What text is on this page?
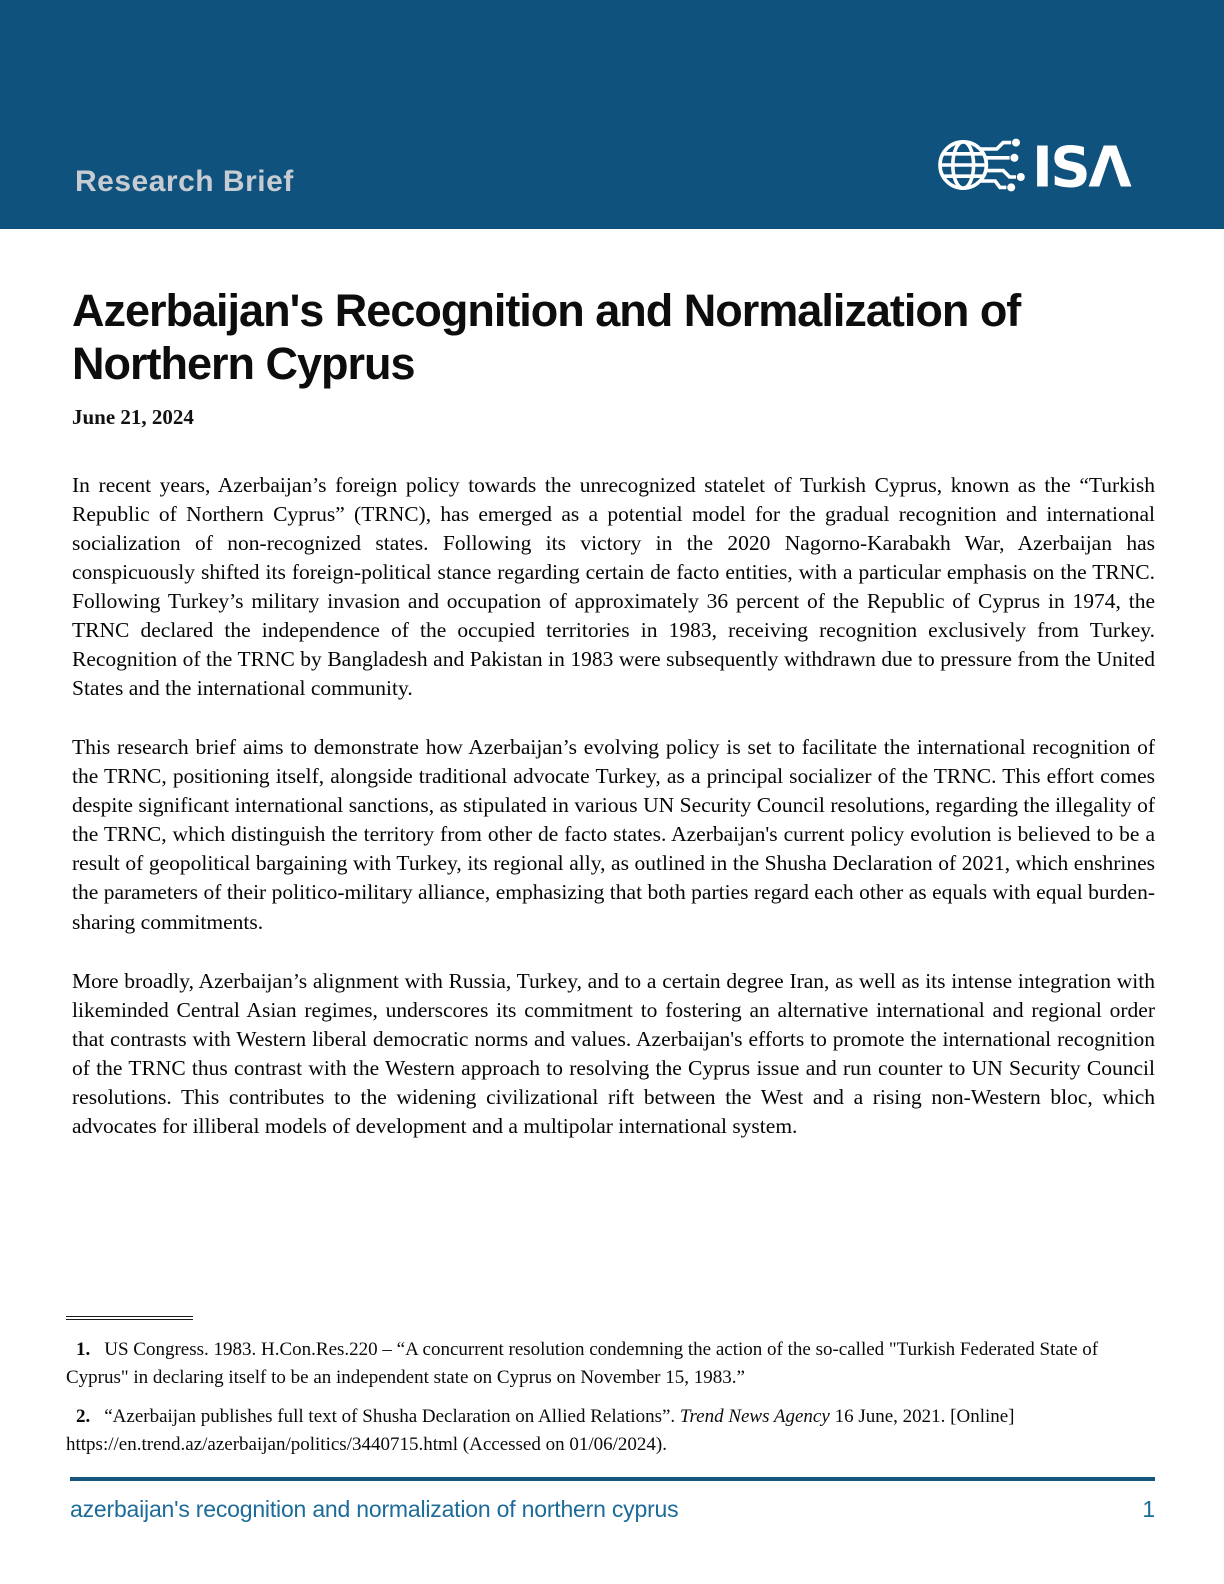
Research Brief	ISΛ
Azerbaijan's Recognition and Normalization of Northern Cyprus
June 21, 2024

In recent years, Azerbaijan’s foreign policy towards the unrecognized statelet of Turkish Cyprus, known as the “Turkish Republic of Northern Cyprus” (TRNC), has emerged as a potential model for the gradual recognition and international socialization of non-recognized states. Following its victory in the 2020 Nagorno-Karabakh War, Azerbaijan has conspicuously shifted its foreign-political stance regarding certain de facto entities, with a particular emphasis on the TRNC. Following Turkey’s military invasion and occupation of approximately 36 percent of the Republic of Cyprus in 1974, the TRNC declared the independence of the occupied territories in 1983, receiving recognition exclusively from Turkey. Recognition of the TRNC by Bangladesh and Pakistan in 1983 were subsequently withdrawn due to pressure from the United States and the international community.

This research brief aims to demonstrate how Azerbaijan’s evolving policy is set to facilitate the international recognition of the TRNC, positioning itself, alongside traditional advocate Turkey, as a principal socializer of the TRNC. This effort comes despite significant international sanctions, as stipulated in various UN Security Council resolutions, regarding the illegality of the TRNC, which distinguish the territory from other de facto states. Azerbaijan's current policy evolution is believed to be a result of geopolitical bargaining with Turkey, its regional ally, as outlined in the Shusha Declaration of 2021, which enshrines the parameters of their politico-military alliance, emphasizing that both parties regard each other as equals with equal burden-sharing commitments.

More broadly, Azerbaijan’s alignment with Russia, Turkey, and to a certain degree Iran, as well as its intense integration with likeminded Central Asian regimes, underscores its commitment to fostering an alternative international and regional order that contrasts with Western liberal democratic norms and values. Azerbaijan's efforts to promote the international recognition of the TRNC thus contrast with the Western approach to resolving the Cyprus issue and run counter to UN Security Council resolutions. This contributes to the widening civilizational rift between the West and a rising non-Western bloc, which advocates for illiberal models of development and a multipolar international system.

1. US Congress. 1983. H.Con.Res.220 – “A concurrent resolution condemning the action of the so-called "Turkish Federated State of Cyprus" in declaring itself to be an independent state on Cyprus on November 15, 1983.”
2. “Azerbaijan publishes full text of Shusha Declaration on Allied Relations”. Trend News Agency 16 June, 2021. [Online] https://en.trend.az/azerbaijan/politics/3440715.html (Accessed on 01/06/2024).
azerbaijan's recognition and normalization of northern cyprus	1
